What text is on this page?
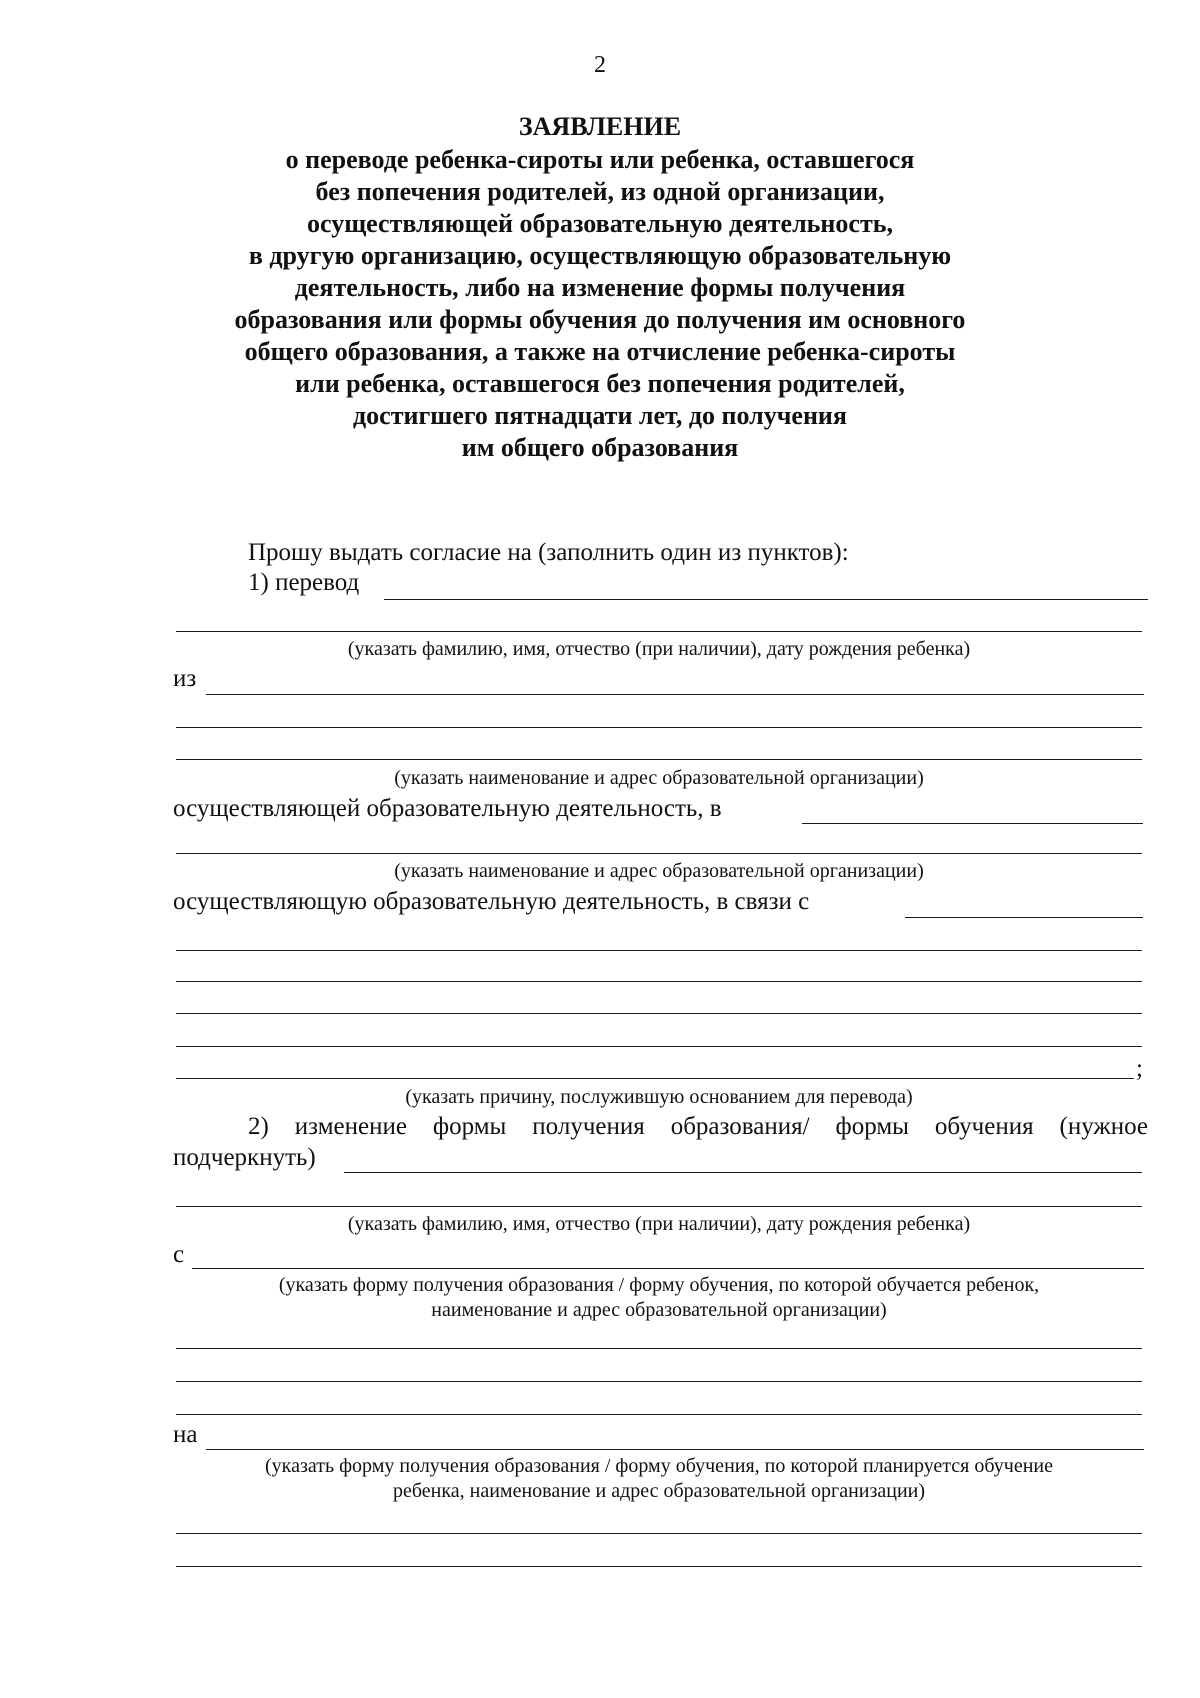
2
ЗАЯВЛЕНИЕ
о переводе ребенка-сироты или ребенка, оставшегося
без попечения родителей, из одной организации,
осуществляющей образовательную деятельность,
в другую организацию, осуществляющую образовательную
деятельность, либо на изменение формы получения
образования или формы обучения до получения им основного
общего образования, а также на отчисление ребенка-сироты
или ребенка, оставшегося без попечения родителей,
достигшего пятнадцати лет, до получения
им общего образования
Прошу выдать согласие на (заполнить один из пунктов):
1) перевод
(указать фамилию, имя, отчество (при наличии), дату рождения ребенка)
из
(указать наименование и адрес образовательной организации)
осуществляющей образовательную деятельность, в
(указать наименование и адрес образовательной организации)
осуществляющую образовательную деятельность, в связи с
;
(указать причину, послужившую основанием для перевода)
2) изменение формы получения образования/ формы обучения (нужное
подчеркнуть)
(указать фамилию, имя, отчество (при наличии), дату рождения ребенка)
с
(указать форму получения образования / форму обучения, по которой обучается ребенок,
наименование и адрес образовательной организации)
на
(указать форму получения образования / форму обучения, по которой планируется обучение
ребенка, наименование и адрес образовательной организации)
